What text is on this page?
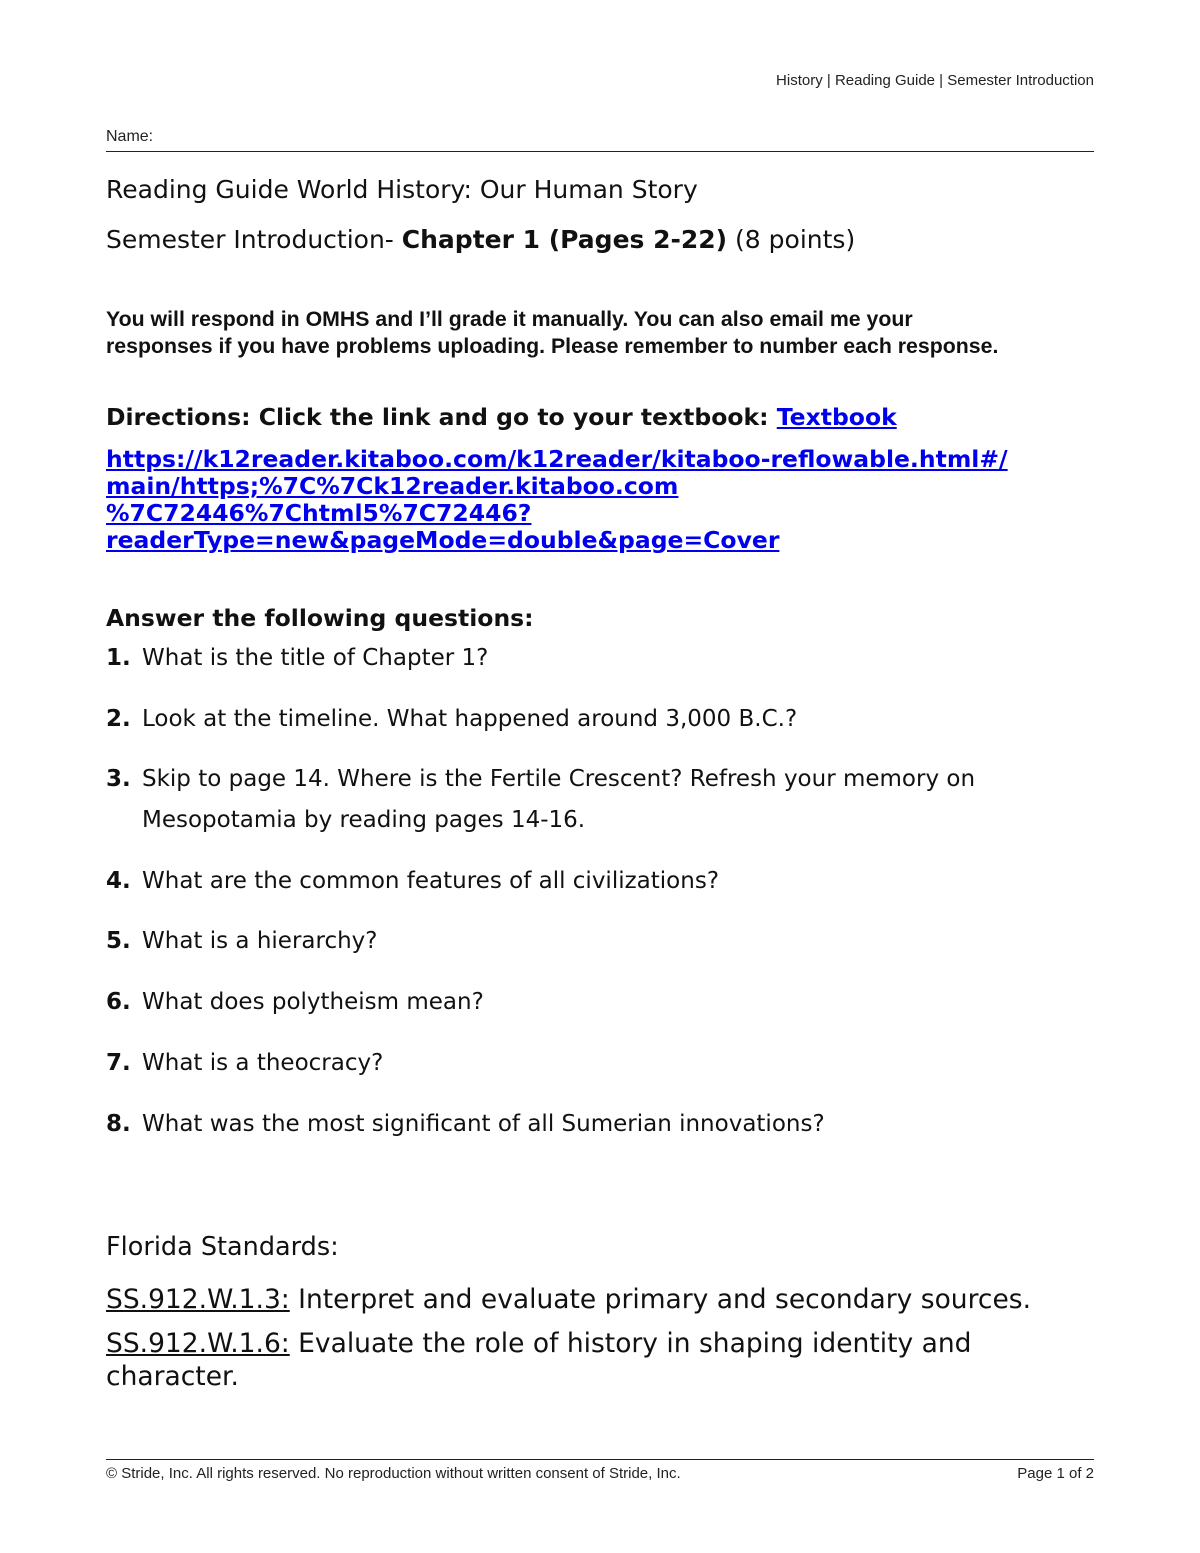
History | Reading Guide | Semester Introduction
Name:
Reading Guide World History: Our Human Story
Semester Introduction- Chapter 1 (Pages 2-22) (8 points)
You will respond in OMHS and I’ll grade it manually. You can also email me your
responses if you have problems uploading. Please remember to number each response.
Directions: Click the link and go to your textbook: Textbook
https://k12reader.kitaboo.com/k12reader/kitaboo-reflowable.html#/
main/https;%7C%7Ck12reader.kitaboo.com
%7C72446%7Chtml5%7C72446?
readerType=new&pageMode=double&page=Cover
Answer the following questions:
1. What is the title of Chapter 1?
2. Look at the timeline. What happened around 3,000 B.C.?
3. Skip to page 14. Where is the Fertile Crescent? Refresh your memory on
Mesopotamia by reading pages 14-16.
4. What are the common features of all civilizations?
5. What is a hierarchy?
6. What does polytheism mean?
7. What is a theocracy?
8. What was the most significant of all Sumerian innovations?
Florida Standards:
SS.912.W.1.3: Interpret and evaluate primary and secondary sources.
SS.912.W.1.6: Evaluate the role of history in shaping identity and
character.
© Stride, Inc. All rights reserved. No reproduction without written consent of Stride, Inc.	Page 1 of 2
